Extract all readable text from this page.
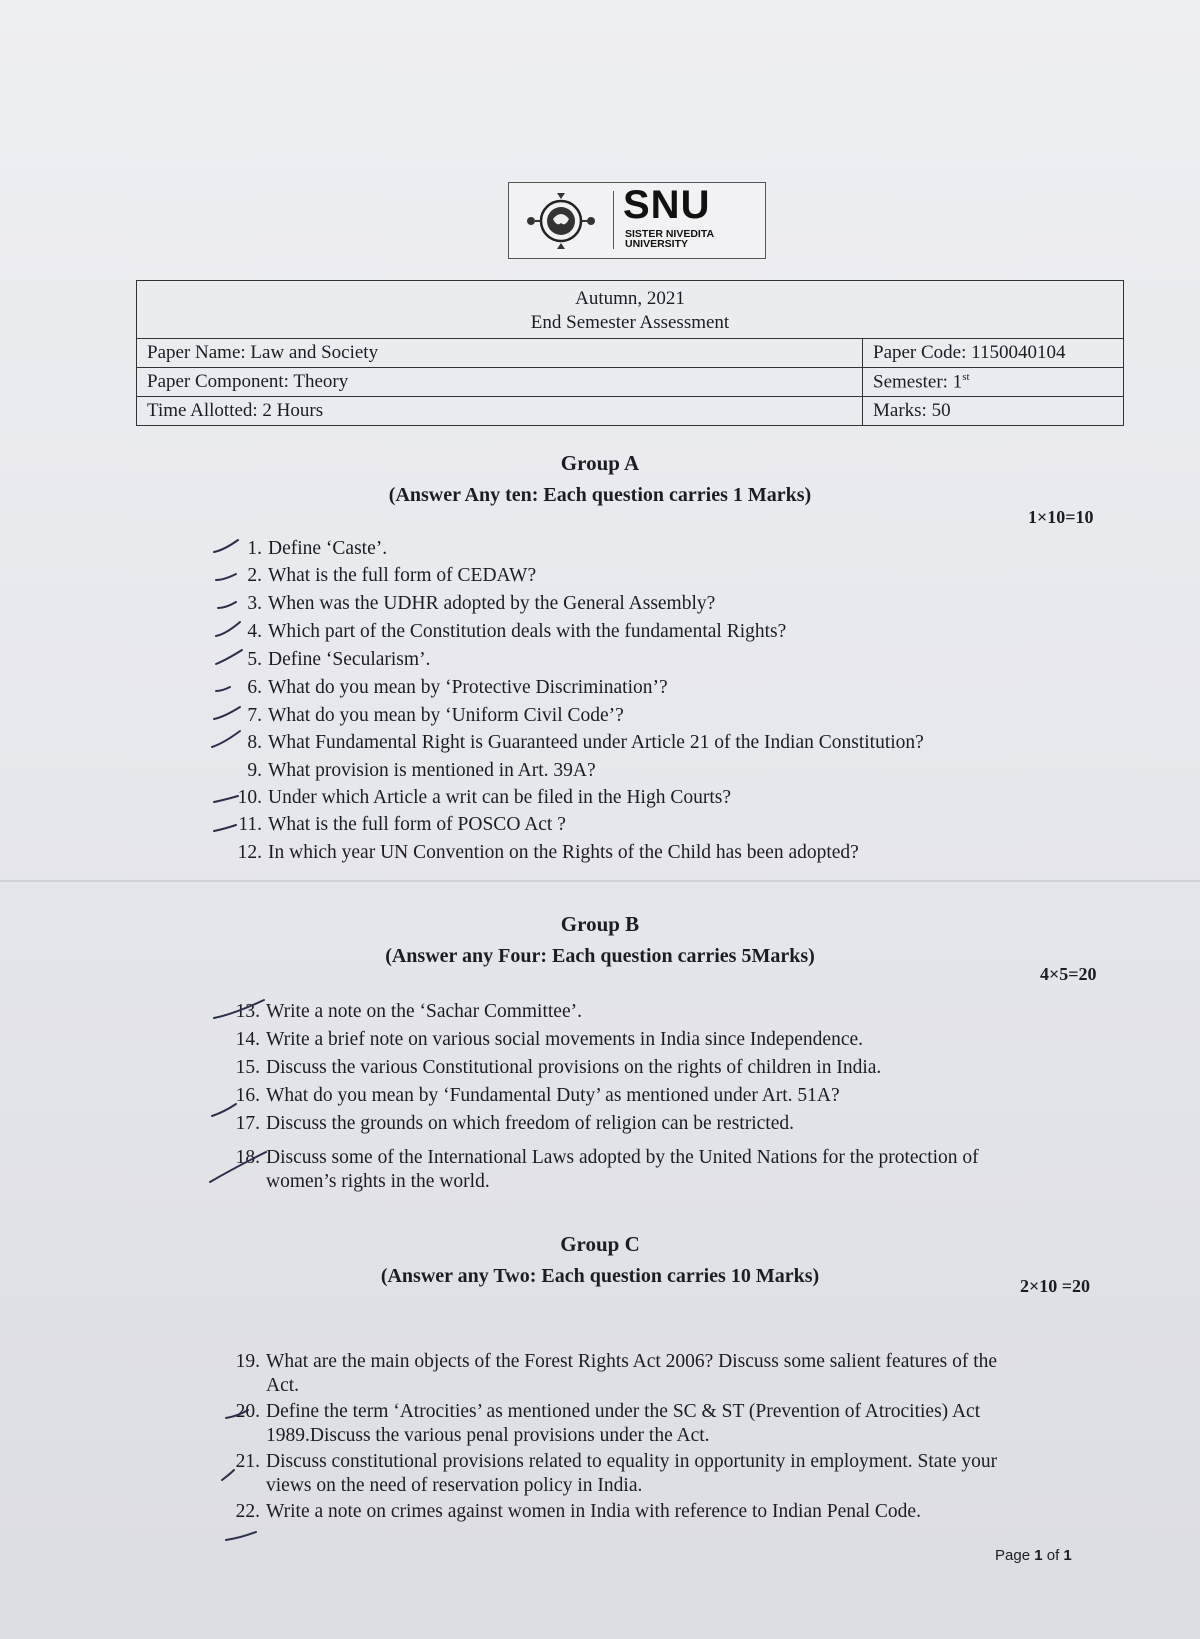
SNU
SISTER NIVEDITA
UNIVERSITY
Autumn, 2021
End Semester Assessment	

Paper Name: Law and Society	Paper Code: 1150040104
Paper Component: Theory	Semester: 1st
Time Allotted: 2 Hours	Marks: 50
Group A
(Answer Any ten: Each question carries 1 Marks)
1×10=10
1. Define ‘Caste’.
2. What is the full form of CEDAW?
3. When was the UDHR adopted by the General Assembly?
4. Which part of the Constitution deals with the fundamental Rights?
5. Define ‘Secularism’.
6. What do you mean by ‘Protective Discrimination’?
7. What do you mean by ‘Uniform Civil Code’?
8. What Fundamental Right is Guaranteed under Article 21 of the Indian Constitution?
9. What provision is mentioned in Art. 39A?
10. Under which Article a writ can be filed in the High Courts?
11. What is the full form of POSCO Act ?
12. In which year UN Convention on the Rights of the Child has been adopted?
Group B
(Answer any Four: Each question carries 5Marks)
4×5=20
13. Write a note on the ‘Sachar Committee’.
14. Write a brief note on various social movements in India since Independence.
15. Discuss the various Constitutional provisions on the rights of children in India.
16. What do you mean by ‘Fundamental Duty’ as mentioned under Art. 51A?
17. Discuss the grounds on which freedom of religion can be restricted.
18. Discuss some of the International Laws adopted by the United Nations for the protection of
women’s rights in the world.
Group C
(Answer any Two: Each question carries 10 Marks)	2×10 =20
19. What are the main objects of the Forest Rights Act 2006? Discuss some salient features of the
Act.
20. Define the term ‘Atrocities’ as mentioned under the SC & ST (Prevention of Atrocities) Act
1989.Discuss the various penal provisions under the Act.
21. Discuss constitutional provisions related to equality in opportunity in employment. State your
views on the need of reservation policy in India.
22. Write a note on crimes against women in India with reference to Indian Penal Code.
Page 1 of 1
